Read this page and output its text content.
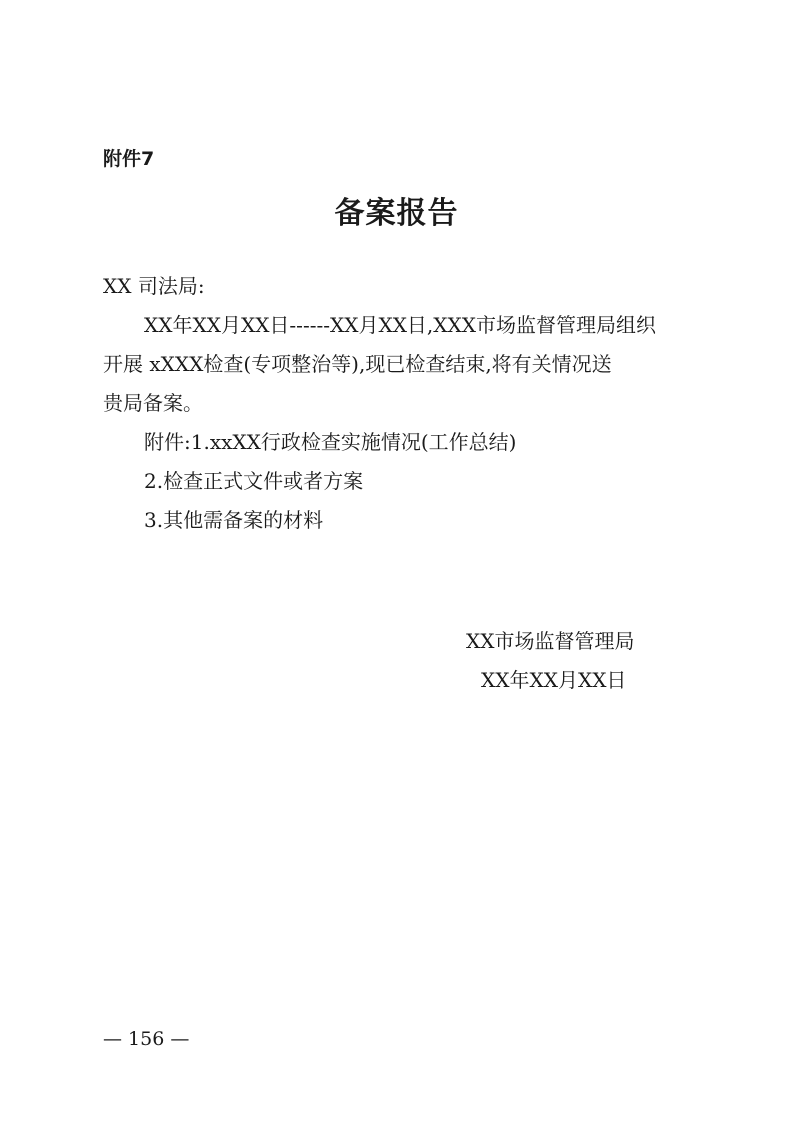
附件7
备案报告

XX 司法局:

XX年XX月XX日------XX月XX日,XXX市场监督管理局组织

开展 xXXX检查(专项整治等),现已检查结束,将有关情况送

贵局备案。

附件:1.xxXX行政检查实施情况(工作总结)

2.检查正式文件或者方案

3.其他需备案的材料

XX市场监督管理局
XX年XX月XX日
— 156 —
